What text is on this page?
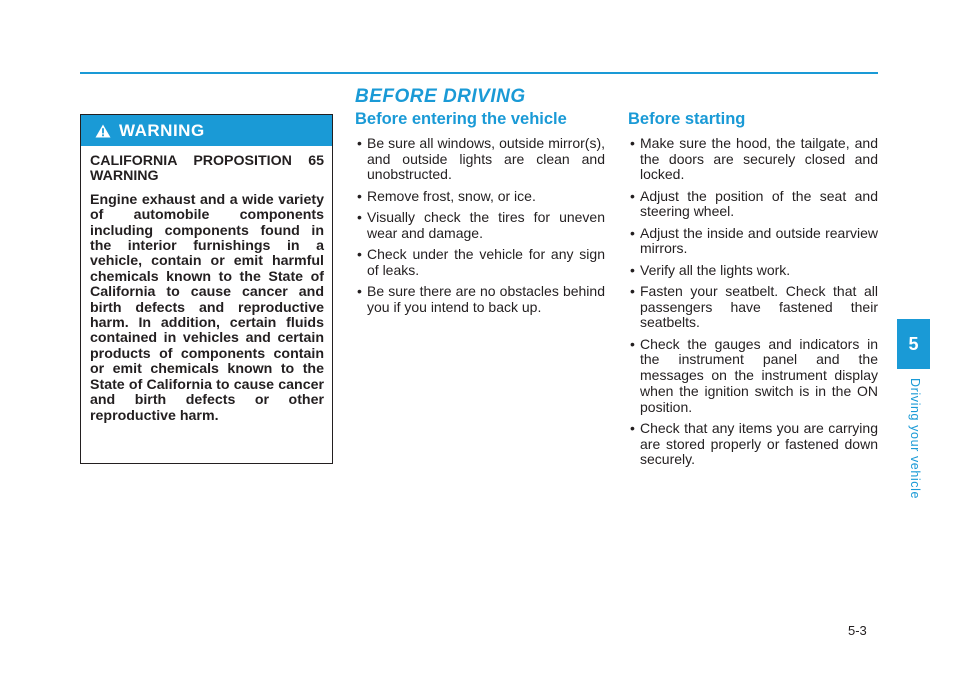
BEFORE DRIVING
WARNING

CALIFORNIA PROPOSITION 65 WARNING

Engine exhaust and a wide variety of automobile components including components found in the interior furnishings in a vehicle, contain or emit harmful chemicals known to the State of California to cause cancer and birth defects and reproductive harm. In addition, certain fluids contained in vehicles and certain products of components contain or emit chemicals known to the State of California to cause cancer and birth defects or other reproductive harm.

Before entering the vehicle
• Be sure all windows, outside mirror(s), and outside lights are clean and unobstructed.
• Remove frost, snow, or ice.
• Visually check the tires for uneven wear and damage.
• Check under the vehicle for any sign of leaks.
• Be sure there are no obstacles behind you if you intend to back up.
Before starting
• Make sure the hood, the tailgate, and the doors are securely closed and locked.
• Adjust the position of the seat and steering wheel.
• Adjust the inside and outside rearview mirrors.
• Verify all the lights work.
• Fasten your seatbelt. Check that all passengers have fastened their seatbelts.
• Check the gauges and indicators in the instrument panel and the messages on the instrument display when the ignition switch is in the ON position.
• Check that any items you are carrying are stored properly or fastened down securely.
5
Driving your vehicle
5-3
